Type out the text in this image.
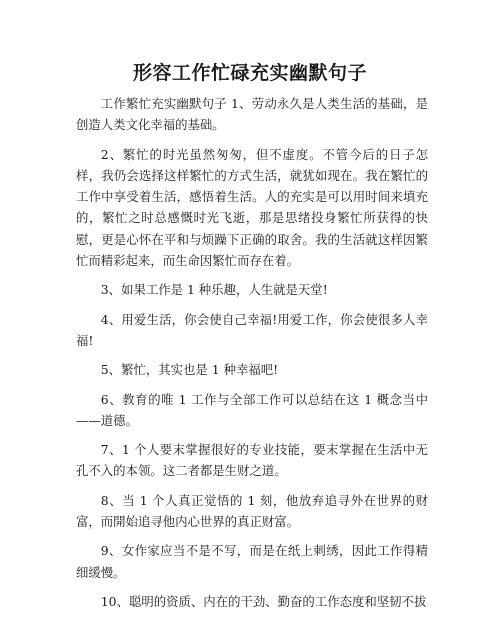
形容工作忙碌充实幽默句子

工作繁忙充实幽默句子 1、劳动永久是人类生活的基础，是创造人类文化幸福的基础。

2、繁忙的时光虽然匆匆，但不虚度。不管今后的日子怎样，我仍会选择这样繁忙的方式生活，就犹如现在。我在繁忙的工作中享受着生活，感悟着生活。人的充实是可以用时间来填充的，繁忙之时总感慨时光飞逝，那是思绪投身繁忙所获得的快慰，更是心怀在平和与烦躁下正确的取舍。我的生活就这样因繁忙而精彩起来，而生命因繁忙而存在着。

3、如果工作是 1 种乐趣，人生就是天堂!

4、用爱生活，你会使自己幸福!用爱工作，你会使很多人幸福!

5、繁忙，其实也是 1 种幸福吧!

6、教育的唯 1 工作与全部工作可以总结在这 1 概念当中——道德。

7、1 个人要末掌握很好的专业技能，要末掌握在生活中无孔不入的本领。这二者都是生财之道。

8、当 1 个人真正觉悟的 1 刻，他放弃追寻外在世界的财富，而開始追寻他内心世界的真正财富。

9、女作家应当不是不写，而是在纸上刺绣，因此工作得精细缓慢。

10、聪明的资质、内在的干劲、勤奋的工作态度和坚韧不拔
